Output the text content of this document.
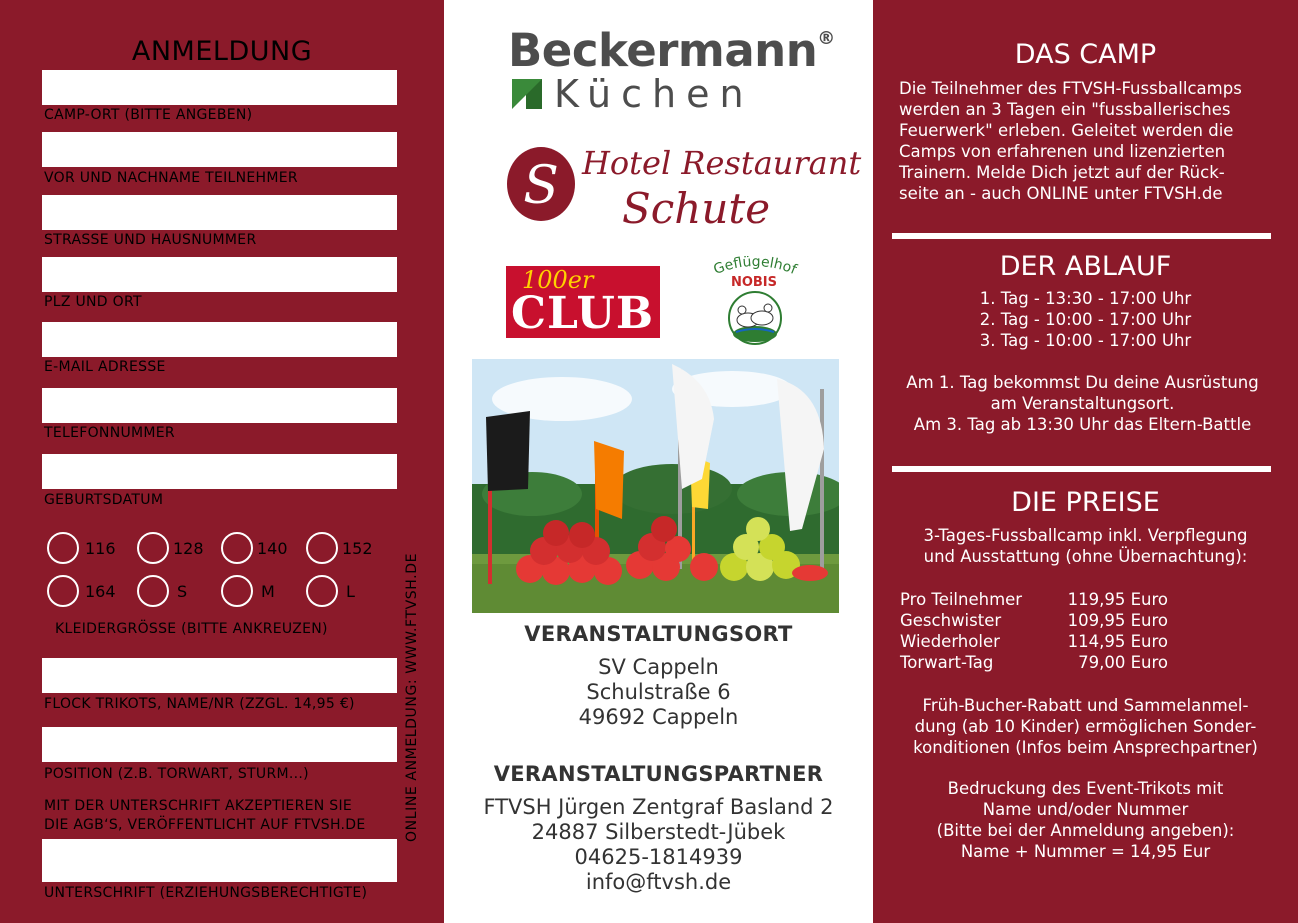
ANMELDUNG
CAMP-ORT (BITTE ANGEBEN)
VOR UND NACHNAME TEILNEHMER
STRASSE UND HAUSNUMMER
PLZ UND ORT
E-MAIL ADRESSE
TELEFONNUMMER
GEBURTSDATUM
116	128	140	152
164	S	M	L
KLEIDERGRÖSSE (BITTE ANKREUZEN)
FLOCK TRIKOTS, NAME/NR (ZZGL. 14,95 €)
POSITION (Z.B. TORWART, STURM...)
MIT DER UNTERSCHRIFT AKZEPTIEREN SIE
DIE AGB‘S, VERÖFFENTLICHT AUF FTVSH.DE
UNTERSCHRIFT (ERZIEHUNGSBERECHTIGTE)
ONLINE ANMELDUNG: WWW.FTVSH.DE
Beckermann®
Küchen
S Hotel Restaurant
Schute
100er
CLUB
Geflügelhof
NOBIS
VERANSTALTUNGSORT
SV Cappeln
Schulstraße 6
49692 Cappeln
VERANSTALTUNGSPARTNER
FTVSH Jürgen Zentgraf Basland 2
24887 Silberstedt-Jübek
04625-1814939
info@ftvsh.de
DAS CAMP
Die Teilnehmer des FTVSH-Fussballcamps
werden an 3 Tagen ein "fussballerisches
Feuerwerk" erleben. Geleitet werden die
Camps von erfahrenen und lizenzierten
Trainern. Melde Dich jetzt auf der Rück-
seite an - auch ONLINE unter FTVSH.de
DER ABLAUF
1. Tag - 13:30 - 17:00 Uhr
2. Tag - 10:00 - 17:00 Uhr
3. Tag - 10:00 - 17:00 Uhr
Am 1. Tag bekommst Du deine Ausrüstung
am Veranstaltungsort.
Am 3. Tag ab 13:30 Uhr das Eltern-Battle
DIE PREISE
3-Tages-Fussballcamp inkl. Verpflegung
und Ausstattung (ohne Übernachtung):
Pro Teilnehmer	119,95 Euro
Geschwister	109,95 Euro
Wiederholer	114,95 Euro
Torwart-Tag	79,00 Euro
Früh-Bucher-Rabatt und Sammelanmel-
dung (ab 10 Kinder) ermöglichen Sonder-
konditionen (Infos beim Ansprechpartner)
Bedruckung des Event-Trikots mit
Name und/oder Nummer
(Bitte bei der Anmeldung angeben):
Name + Nummer = 14,95 Eur
